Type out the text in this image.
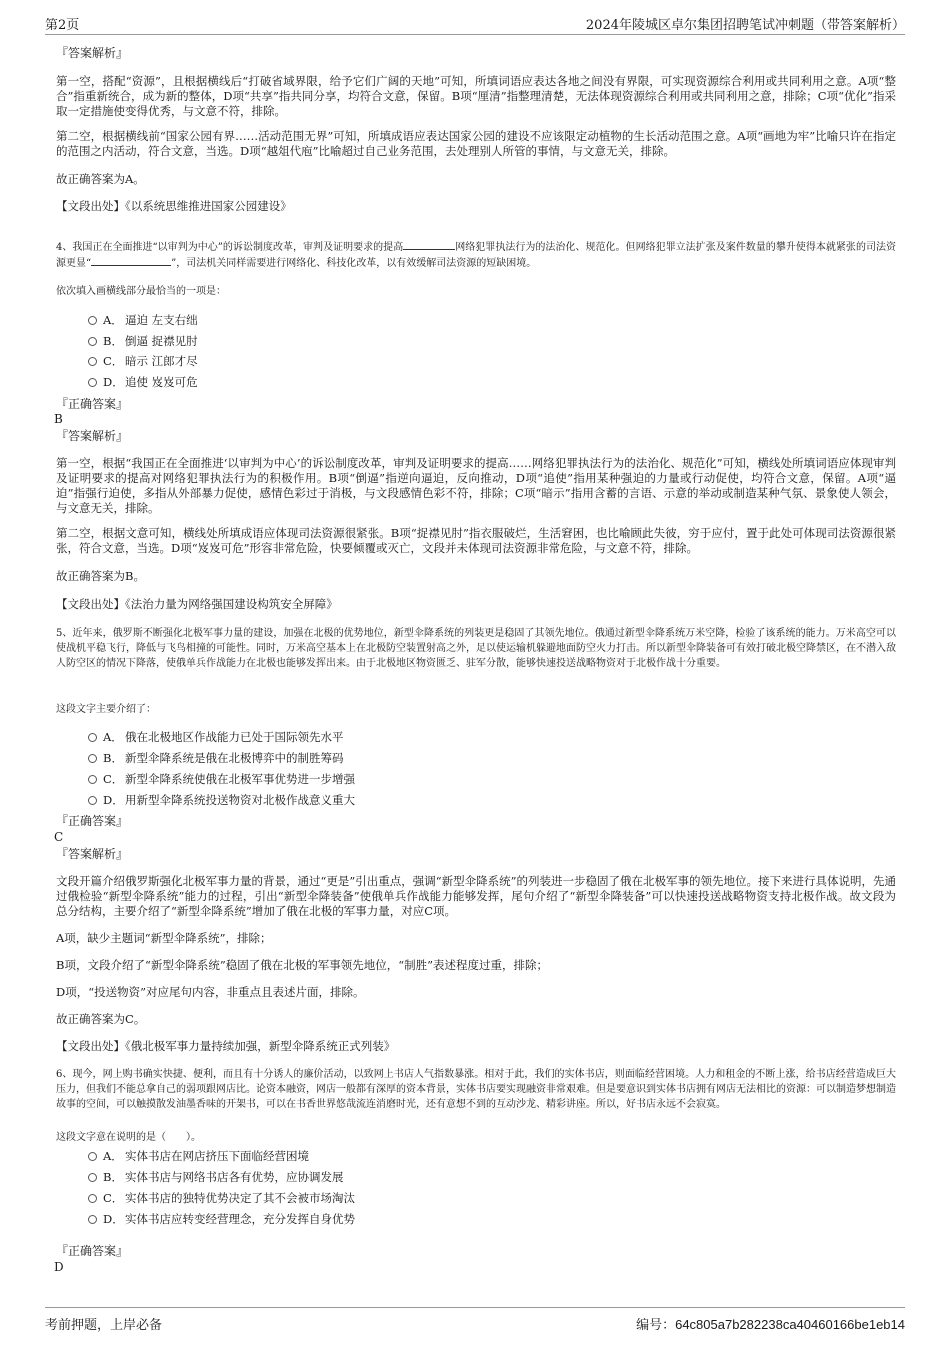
第2页	2024年陵城区卓尔集团招聘笔试冲刺题（带答案解析）
『答案解析』
第一空，搭配“资源”，且根据横线后“打破省域界限，给予它们广阔的天地”可知，所填词语应表达各地之间没有界限，可实现资源综合利用或共同利用之意。A项“整合”指重新统合，成为新的整体，D项“共享”指共同分享，均符合文意，保留。B项“厘清”指整理清楚，无法体现资源综合利用或共同利用之意，排除；C项“优化”指采取一定措施使变得优秀，与文意不符，排除。
第二空，根据横线前“国家公园有界……活动范围无界”可知，所填成语应表达国家公园的建设不应该限定动植物的生长活动范围之意。A项“画地为牢”比喻只许在指定的范围之内活动，符合文意，当选。D项“越俎代庖”比喻超过自己业务范围，去处理别人所管的事情，与文意无关，排除。
故正确答案为A。
【文段出处】《以系统思维推进国家公园建设》
4、我国正在全面推进“以审判为中心”的诉讼制度改革，审判及证明要求的提高	网络犯罪执法行为的法治化、规范化。但网络犯罪立法扩张及案件数量的攀升使得本就紧张的司法资源更显“	”，司法机关同样需要进行网络化、科技化改革，以有效缓解司法资源的短缺困境。
依次填入画横线部分最恰当的一项是：
A． 逼迫 左支右绌
B． 倒逼 捉襟见肘
C． 暗示 江郎才尽
D．追使 岌岌可危
『正确答案』
B
『答案解析』
第一空，根据“我国正在全面推进‘以审判为中心’的诉讼制度改革，审判及证明要求的提高……网络犯罪执法行为的法治化、规范化”可知，横线处所填词语应体现审判及证明要求的提高对网络犯罪执法行为的积极作用。B项“倒逼”指逆向逼迫，反向推动，D项“追使”指用某种强迫的力量或行动促使，均符合文意，保留。A项“逼迫”指强行迫使，多指从外部暴力促使，感情色彩过于消极，与文段感情色彩不符，排除；C项“暗示”指用含蓄的言语、示意的举动或制造某种气氛、景象使人领会，与文意无关，排除。
第二空，根据文意可知，横线处所填成语应体现司法资源很紧张。B项“捉襟见肘”指衣服破烂，生活窘困，也比喻顾此失彼，穷于应付，置于此处可体现司法资源很紧张，符合文意，当选。D项“岌岌可危”形容非常危险，快要倾覆或灭亡，文段并未体现司法资源非常危险，与文意不符，排除。
故正确答案为B。
【文段出处】《法治力量为网络强国建设构筑安全屏障》
5、近年来，俄罗斯不断强化北极军事力量的建设，加强在北极的优势地位，新型伞降系统的列装更是稳固了其领先地位。俄通过新型伞降系统万米空降，检验了该系统的能力。万米高空可以使战机平稳飞行，降低与飞鸟相撞的可能性。同时，万米高空基本上在北极防空装置射高之外，足以使运输机躲避地面防空火力打击。所以新型伞降装备可有效打破北极空降禁区，在不潜入敌人防空区的情况下降落，使俄单兵作战能力在北极也能够发挥出来。由于北极地区物资匮乏、驻军分散，能够快速投送战略物资对于北极作战十分重要。
这段文字主要介绍了：
A． 俄在北极地区作战能力已处于国际领先水平
B． 新型伞降系统是俄在北极博弈中的制胜筹码
C． 新型伞降系统使俄在北极军事优势进一步增强
D．用新型伞降系统投送物资对北极作战意义重大
『正确答案』
C
『答案解析』
文段开篇介绍俄罗斯强化北极军事力量的背景，通过“更是”引出重点，强调“新型伞降系统”的列装进一步稳固了俄在北极军事的领先地位。接下来进行具体说明，先通过俄检验“新型伞降系统”能力的过程，引出“新型伞降装备”使俄单兵作战能力能够发挥，尾句介绍了“新型伞降装备”可以快速投送战略物资支持北极作战。故文段为总分结构，主要介绍了“新型伞降系统”增加了俄在北极的军事力量，对应C项。
A项，缺少主题词“新型伞降系统”，排除；
B项，文段介绍了“新型伞降系统”稳固了俄在北极的军事领先地位，“制胜”表述程度过重，排除；
D项，“投送物资”对应尾句内容，非重点且表述片面，排除。
故正确答案为C。
【文段出处】《俄北极军事力量持续加强，新型伞降系统正式列装》
6、现今，网上购书确实快捷、便利，而且有十分诱人的廉价活动，以致网上书店人气指数暴涨。相对于此，我们的实体书店，则面临经营困境。人力和租金的不断上涨，给书店经营造成巨大压力，但我们不能总拿自己的弱项跟网店比。论资本融资，网店一般都有深厚的资本背景，实体书店要实现融资非常艰难。但是要意识到实体书店拥有网店无法相比的资源：可以制造梦想制造故事的空间，可以触摸散发油墨香味的开架书，可以在书香世界悠哉流连消磨时光，还有意想不到的互动沙龙、精彩讲座。所以，好书店永远不会寂寞。
这段文字意在说明的是（　　）。
A． 实体书店在网店挤压下面临经营困境
B． 实体书店与网络书店各有优势，应协调发展
C． 实体书店的独特优势决定了其不会被市场淘汰
D．实体书店应转变经营理念，充分发挥自身优势
『正确答案』
D
考前押题，上岸必备	编号：64c805a7b282238ca40460166be1eb14
